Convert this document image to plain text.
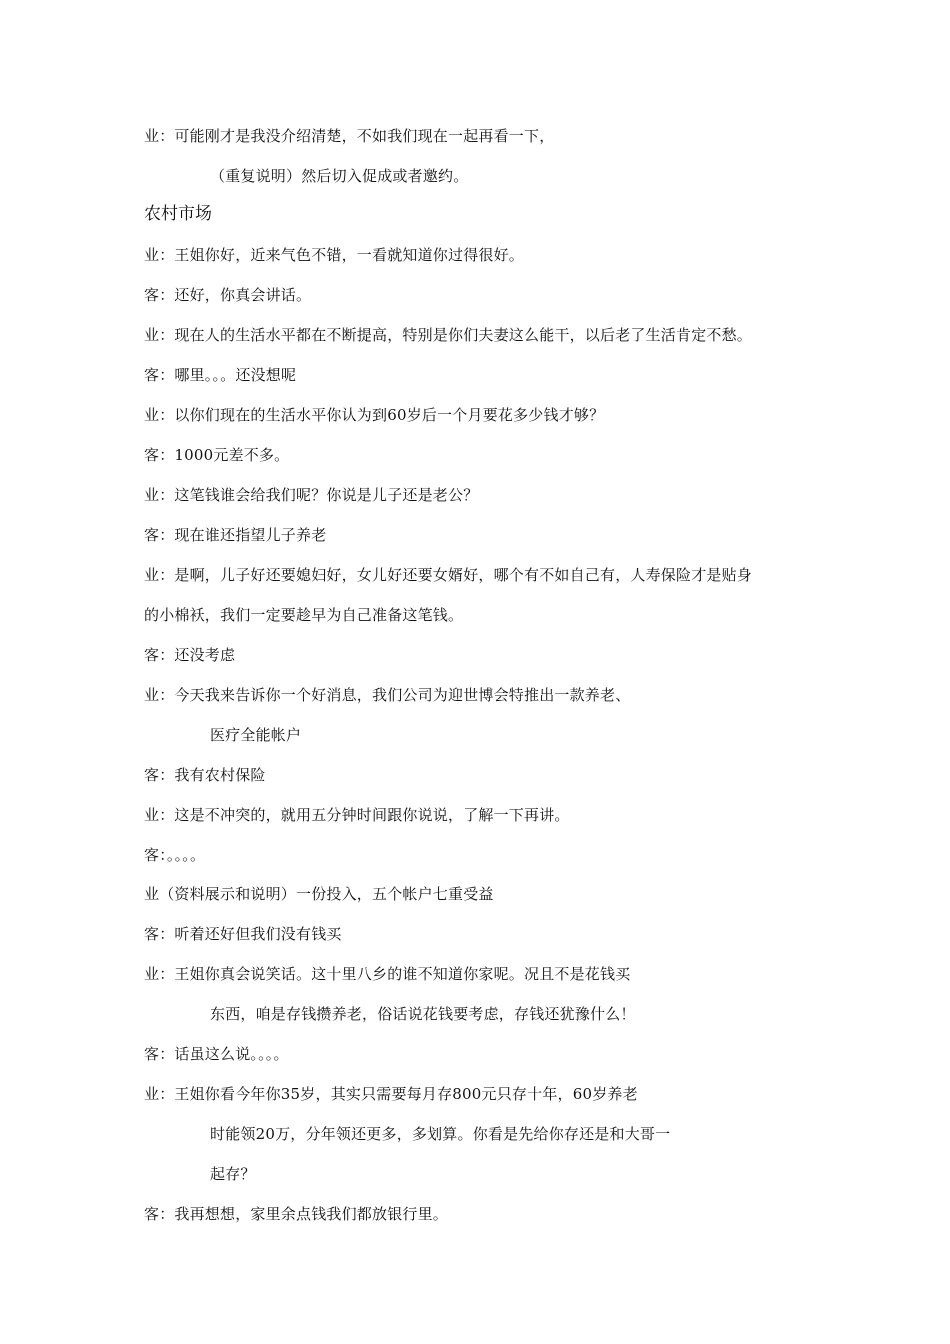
业：可能刚才是我没介绍清楚，不如我们现在一起再看一下，
（重复说明）然后切入促成或者邀约。
农村市场
业：王姐你好，近来气色不错，一看就知道你过得很好。
客：还好，你真会讲话。
业：现在人的生活水平都在不断提高，特别是你们夫妻这么能干，以后老了生活肯定不愁。
客：哪里。。。还没想呢
业：以你们现在的生活水平你认为到60岁后一个月要花多少钱才够？
客：1000元差不多。
业：这笔钱谁会给我们呢？你说是儿子还是老公？
客：现在谁还指望儿子养老
业：是啊，儿子好还要媳妇好，女儿好还要女婿好，哪个有不如自己有，人寿保险才是贴身
的小棉袄，我们一定要趁早为自己准备这笔钱。
客：还没考虑
业：今天我来告诉你一个好消息，我们公司为迎世博会特推出一款养老、
医疗全能帐户
客：我有农村保险
业：这是不冲突的，就用五分钟时间跟你说说，了解一下再讲。
客：。。。。
业（资料展示和说明）一份投入，五个帐户七重受益
客：听着还好但我们没有钱买
业：王姐你真会说笑话。这十里八乡的谁不知道你家呢。况且不是花钱买
东西，咱是存钱攒养老，俗话说花钱要考虑，存钱还犹豫什么！
客：话虽这么说。。。。
业：王姐你看今年你35岁，其实只需要每月存800元只存十年，60岁养老
时能领20万，分年领还更多，多划算。你看是先给你存还是和大哥一
起存？
客：我再想想，家里余点钱我们都放银行里。
